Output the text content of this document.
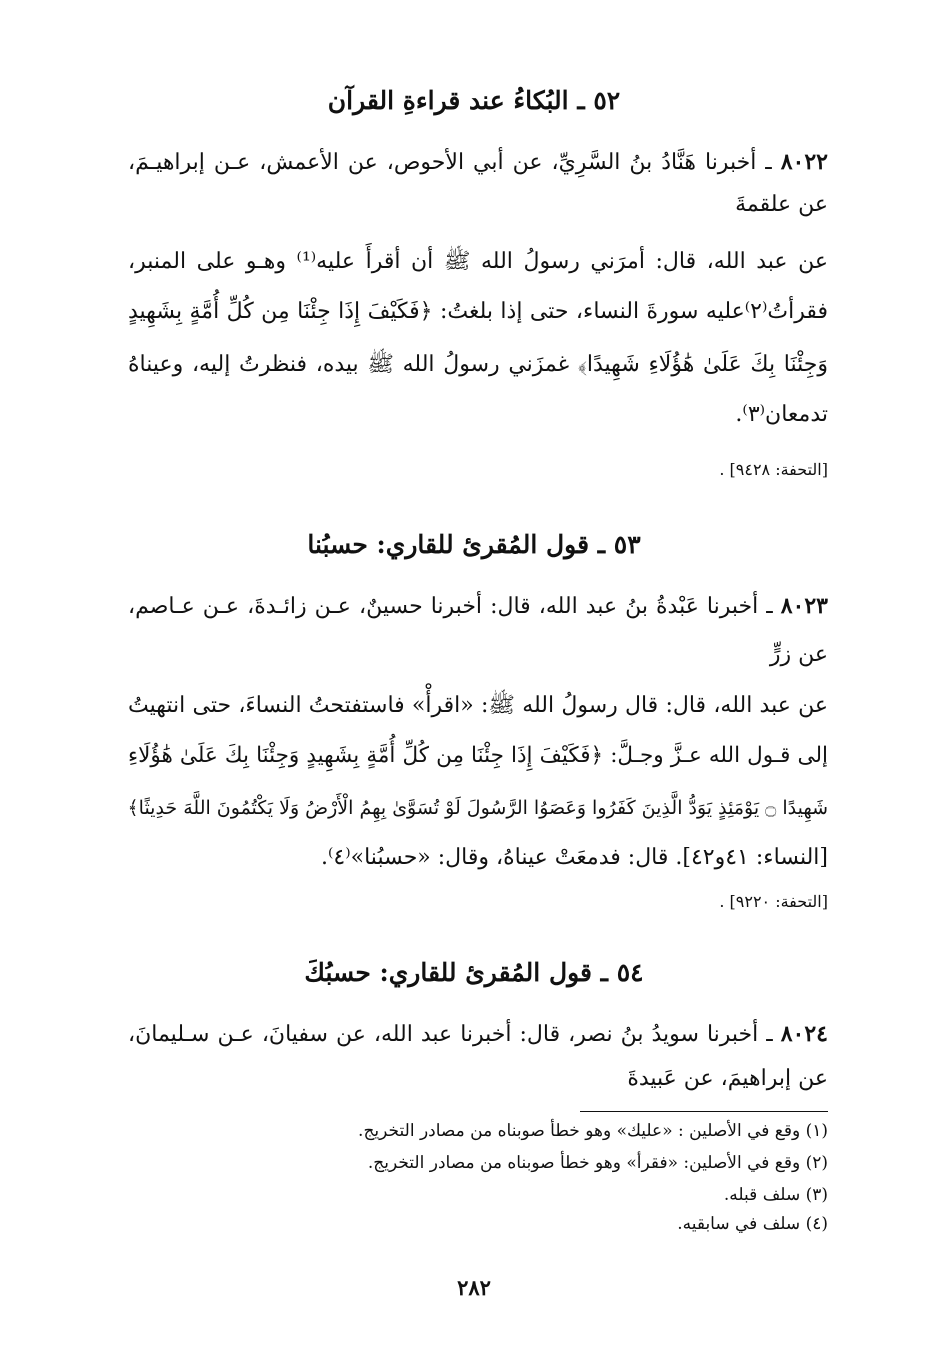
٥٢ ـ البُكاءُ عند قراءةِ القرآن
٨٠٢٢ ـ أخبرنا هَنَّادُ بنُ السَّرِيِّ، عن أبي الأحوص، عن الأعمش، عـن إبراهيـمَ،
عن علقمةَ
عن عبد الله، قال: أمرَني رسولُ الله ﷺ أن أقرأَ عليه⁽¹⁾ وهـو على المنبر،
فقرأتُ⁽٢⁾عليه سورةَ النساء، حتى إذا بلغتُ: ﴿فَكَيْفَ إِذَا جِئْنَا مِن كُلِّ أُمَّةٍ بِشَهِيدٍ
وَجِئْنَا بِكَ عَلَىٰ هَٰؤُلَاءِ شَهِيدًا﴾ غمزَني رسولُ الله ﷺ بيده، فنظرتُ إليه، وعيناهُ
تدمعان⁽٣⁾.
[التحفة: ٩٤٢٨] .
٥٣ ـ قول المُقرئ للقاري: حسبُنا
٨٠٢٣ ـ أخبرنا عَبْدةُ بنُ عبد الله، قال: أخبرنا حسينٌ، عـن زائـدةَ، عـن عـاصم،
عن زرٍّ
عن عبد الله، قال: قال رسولُ الله ﷺ: «اقرأْ» فاستفتحتُ النساءَ، حتى انتهيتُ
إلى قـول الله عـزَّ وجـلَّ: ﴿فَكَيْفَ إِذَا جِئْنَا مِن كُلِّ أُمَّةٍ بِشَهِيدٍ وَجِئْنَا بِكَ عَلَىٰ هَٰؤُلَاءِ
شَهِيدًا ۝ يَوْمَئِذٍ يَوَدُّ الَّذِينَ كَفَرُوا وَعَصَوُا الرَّسُولَ لَوْ تُسَوَّىٰ بِهِمُ الْأَرْضُ وَلَا يَكْتُمُونَ اللَّهَ حَدِيثًا﴾
[النساء: ٤١و٤٢]. قال: فدمعَتْ عيناهُ، وقال: «حسبُنا»⁽٤⁾.
[التحفة: ٩٢٢٠] .
٥٤ ـ قول المُقرئ للقاري: حسبُكَ
٨٠٢٤ ـ أخبرنا سويدُ بنُ نصر، قال: أخبرنا عبد الله، عن سفيانَ، عـن سـليمانَ،
عن إبراهيمَ، عن عَبيدةَ
(١) وقع في الأصلين : «عليك» وهو خطأ صوبناه من مصادر التخريج.
(٢) وقع في الأصلين: «فقرأ» وهو خطأ صوبناه من مصادر التخريج.
(٣) سلف قبله.
(٤) سلف في سابقيه.
٢٨٢
